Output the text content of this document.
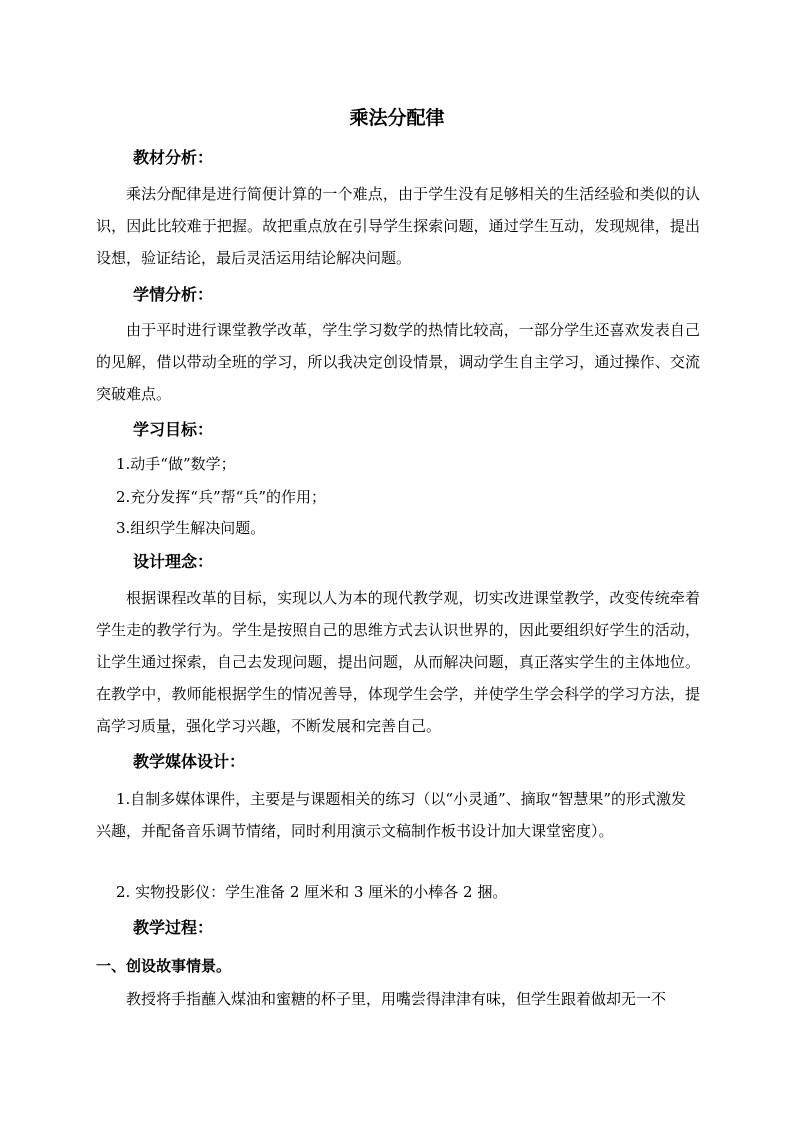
乘法分配律
教材分析：

乘法分配律是进行简便计算的一个难点，由于学生没有足够相关的生活经验和类似的认识，因此比较难于把握。故把重点放在引导学生探索问题，通过学生互动，发现规律，提出设想，验证结论，最后灵活运用结论解决问题。

学情分析：

由于平时进行课堂教学改革，学生学习数学的热情比较高，一部分学生还喜欢发表自己的见解，借以带动全班的学习，所以我决定创设情景，调动学生自主学习，通过操作、交流突破难点。

学习目标：

1.动手“做”数学；

2.充分发挥“兵”帮“兵”的作用；

3.组织学生解决问题。

设计理念：

根据课程改革的目标，实现以人为本的现代教学观，切实改进课堂教学，改变传统牵着学生走的教学行为。学生是按照自己的思维方式去认识世界的，因此要组织好学生的活动，让学生通过探索，自己去发现问题，提出问题，从而解决问题，真正落实学生的主体地位。在教学中，教师能根据学生的情况善导，体现学生会学，并使学生学会科学的学习方法，提高学习质量，强化学习兴趣，不断发展和完善自己。

教学媒体设计：

1.自制多媒体课件，主要是与课题相关的练习（以“小灵通”、摘取“智慧果”的形式激发兴趣，并配备音乐调节情绪，同时利用演示文稿制作板书设计加大课堂密度）。

2. 实物投影仪：学生准备 2 厘米和 3 厘米的小棒各 2 捆。

教学过程：
一、创设故事情景。

教授将手指蘸入煤油和蜜糖的杯子里，用嘴尝得津津有味，但学生跟着做却无一不
